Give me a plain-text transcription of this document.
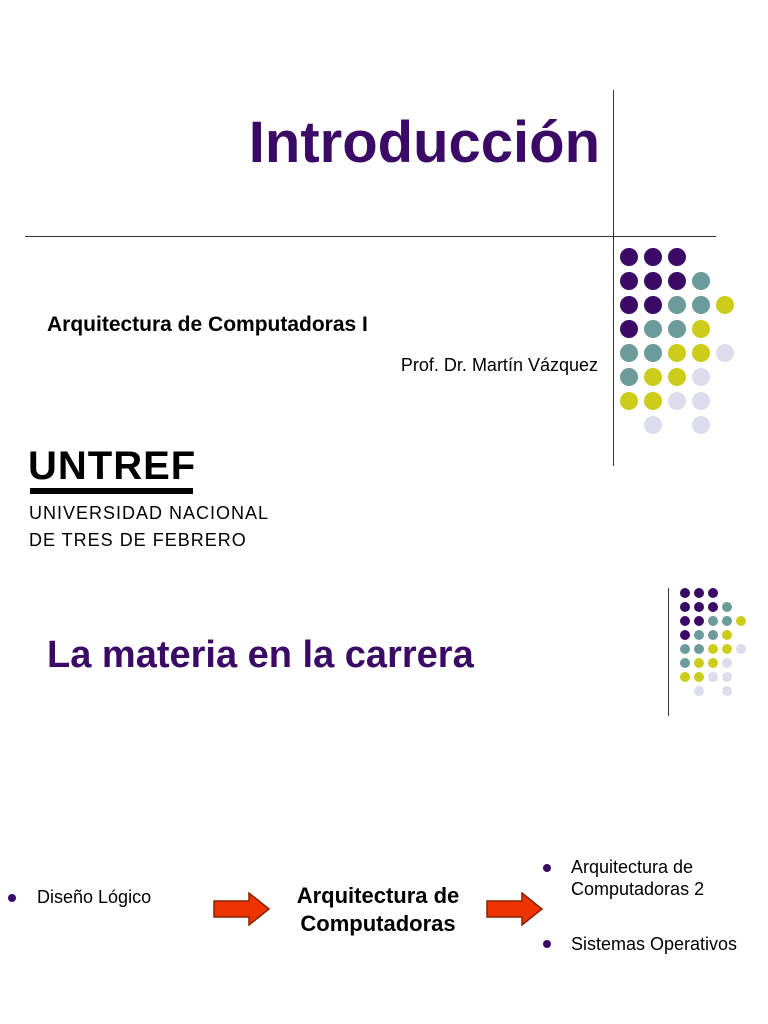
Introducción
Arquitectura de Computadoras I
Prof. Dr. Martín Vázquez
UNTREF
UNIVERSIDAD NACIONAL
DE TRES DE FEBRERO
La materia en la carrera
Diseño Lógico	Arquitectura de
Computadoras
Arquitectura de
Computadoras 2
Sistemas Operativos
